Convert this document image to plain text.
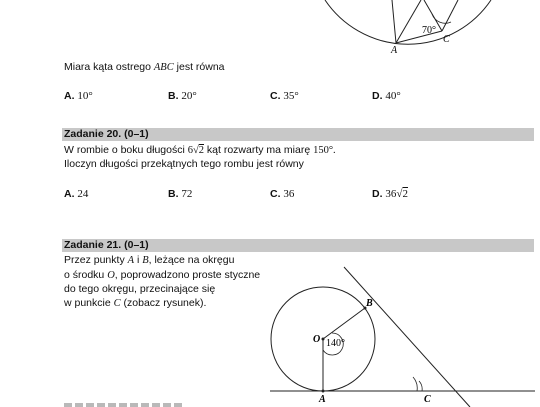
70°
A
C
Miara kąta ostrego ABC jest równa
A. 10°	B. 20°	C. 35°	D. 40°
Zadanie 20. (0–1)
W rombie o boku długości 6√2 kąt rozwarty ma miarę 150°.
Iloczyn długości przekątnych tego rombu jest równy
A. 24	B. 72	C. 36	D. 36√2
Zadanie 21. (0–1)
Przez punkty A i B, leżące na okręgu
o środku O, poprowadzono proste styczne
do tego okręgu, przecinające się
w punkcie C (zobacz rysunek).
O
B
A	C
140°
